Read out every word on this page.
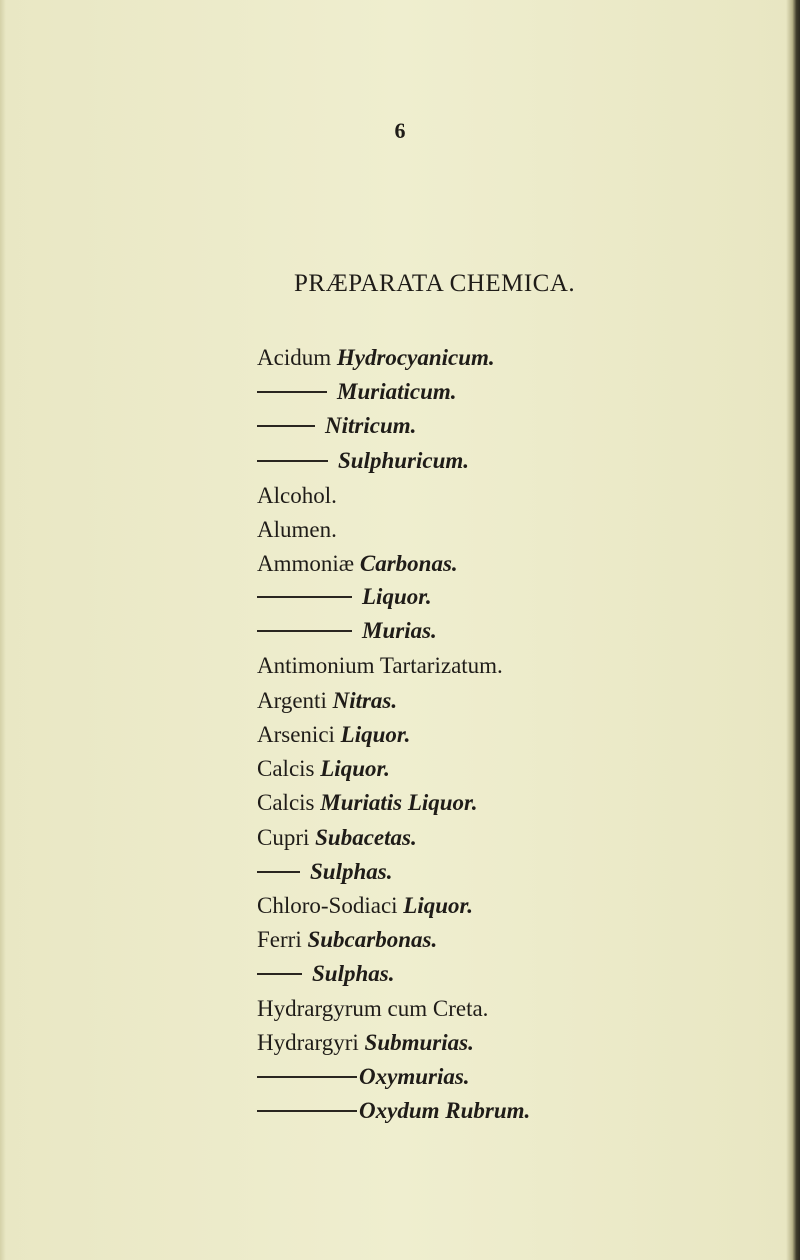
6
PRÆPARATA CHEMICA.
Acidum Hydrocyanicum.
Muriaticum.
Nitricum.
Sulphuricum.
Alcohol.
Alumen.
Ammoniæ Carbonas.
Liquor.
Murias.
Antimonium Tartarizatum.
Argenti Nitras.
Arsenici Liquor.
Calcis Liquor.
Calcis Muriatis Liquor.
Cupri Subacetas.
Sulphas.
Chloro-Sodiaci Liquor.
Ferri Subcarbonas.
Sulphas.
Hydrargyrum cum Creta.
Hydrargyri Submurias.
Oxymurias.
Oxydum Rubrum.
